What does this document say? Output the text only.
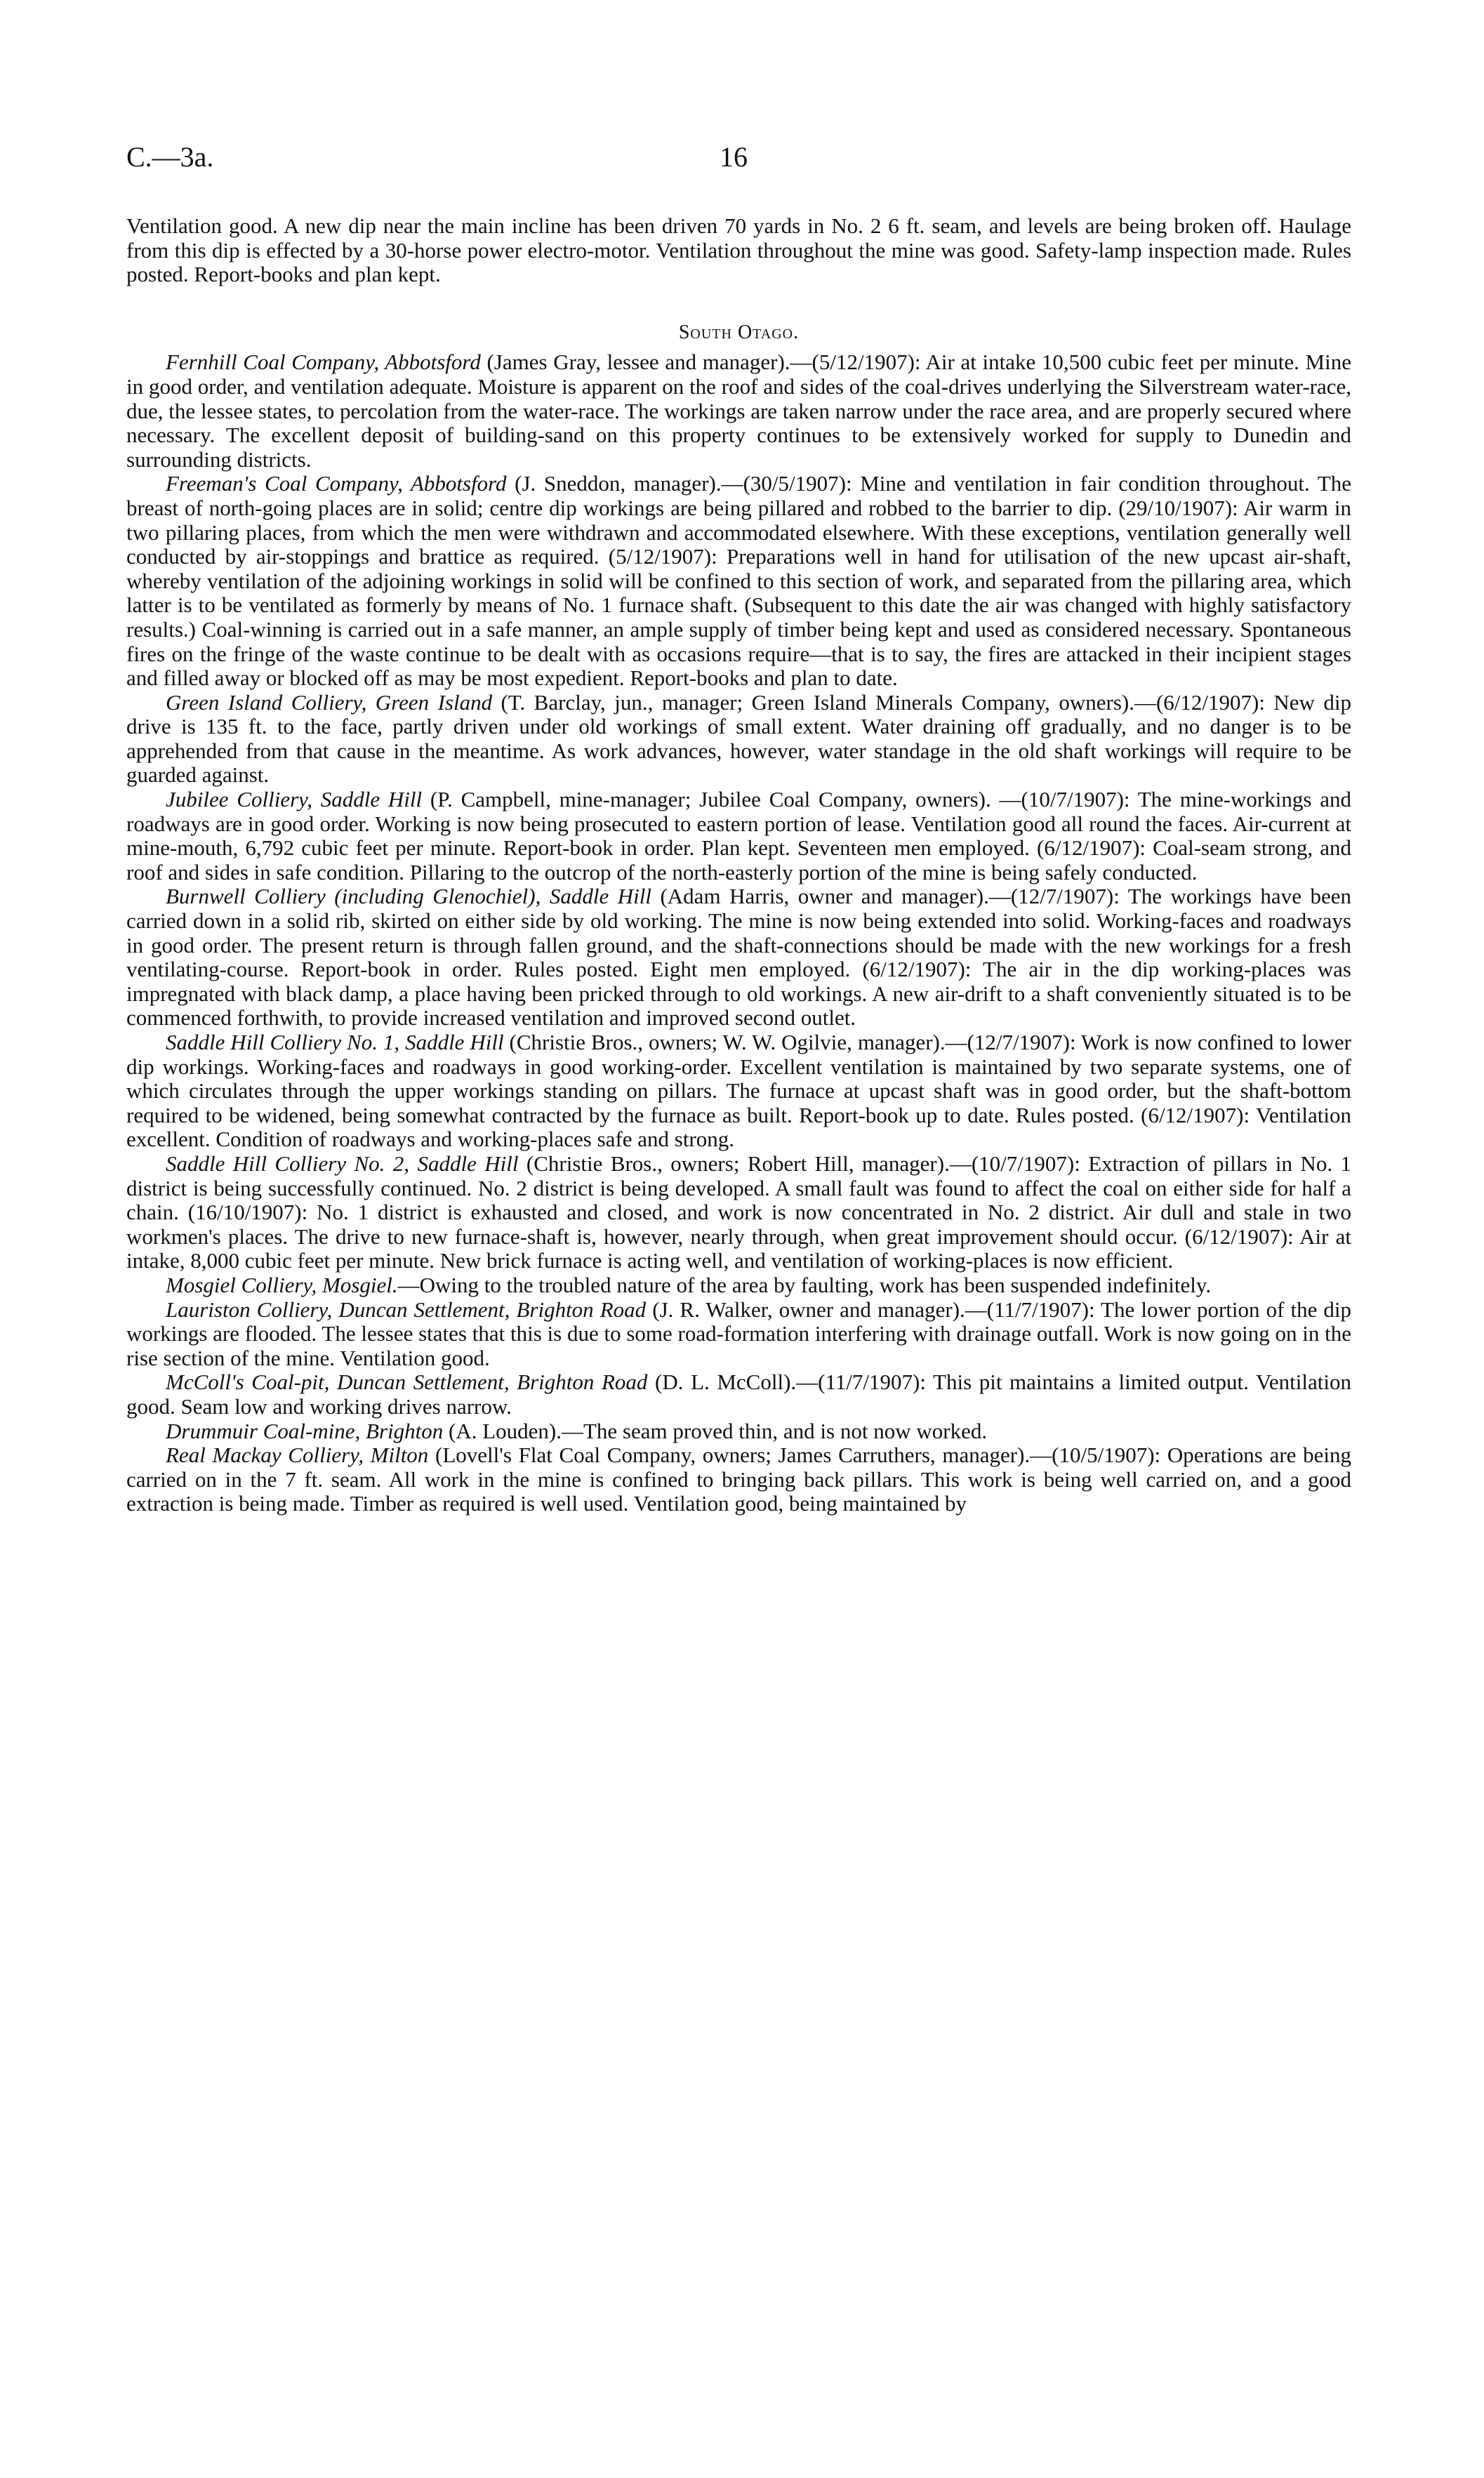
C.—3a.	16

Ventilation good. A new dip near the main incline has been driven 70 yards in No. 2 6 ft. seam, and levels are being broken off. Haulage from this dip is effected by a 30-horse power electro-motor. Ventilation throughout the mine was good. Safety-lamp inspection made. Rules posted. Report-books and plan kept.

South Otago.

Fernhill Coal Company, Abbotsford (James Gray, lessee and manager).—(5/12/1907): Air at intake 10,500 cubic feet per minute. Mine in good order, and ventilation adequate. Moisture is apparent on the roof and sides of the coal-drives underlying the Silverstream water-race, due, the lessee states, to percolation from the water-race. The workings are taken narrow under the race area, and are properly secured where necessary. The excellent deposit of building-sand on this property continues to be extensively worked for supply to Dunedin and surrounding districts.

Freeman's Coal Company, Abbotsford (J. Sneddon, manager).—(30/5/1907): Mine and ventilation in fair condition throughout. The breast of north-going places are in solid; centre dip workings are being pillared and robbed to the barrier to dip. (29/10/1907): Air warm in two pillaring places, from which the men were withdrawn and accommodated elsewhere. With these exceptions, ventilation generally well conducted by air-stoppings and brattice as required. (5/12/1907): Preparations well in hand for utilisation of the new upcast air-shaft, whereby ventilation of the adjoining workings in solid will be confined to this section of work, and separated from the pillaring area, which latter is to be ventilated as formerly by means of No. 1 furnace shaft. (Subsequent to this date the air was changed with highly satisfactory results.) Coal-winning is carried out in a safe manner, an ample supply of timber being kept and used as considered necessary. Spontaneous fires on the fringe of the waste continue to be dealt with as occasions require—that is to say, the fires are attacked in their incipient stages and filled away or blocked off as may be most expedient. Report-books and plan to date.

Green Island Colliery, Green Island (T. Barclay, jun., manager; Green Island Minerals Company, owners).—(6/12/1907): New dip drive is 135 ft. to the face, partly driven under old workings of small extent. Water draining off gradually, and no danger is to be apprehended from that cause in the meantime. As work advances, however, water standage in the old shaft workings will require to be guarded against.

Jubilee Colliery, Saddle Hill (P. Campbell, mine-manager; Jubilee Coal Company, owners). —(10/7/1907): The mine-workings and roadways are in good order. Working is now being prosecuted to eastern portion of lease. Ventilation good all round the faces. Air-current at mine-mouth, 6,792 cubic feet per minute. Report-book in order. Plan kept. Seventeen men employed. (6/12/1907): Coal-seam strong, and roof and sides in safe condition. Pillaring to the outcrop of the north-easterly portion of the mine is being safely conducted.

Burnwell Colliery (including Glenochiel), Saddle Hill (Adam Harris, owner and manager).—(12/7/1907): The workings have been carried down in a solid rib, skirted on either side by old working. The mine is now being extended into solid. Working-faces and roadways in good order. The present return is through fallen ground, and the shaft-connections should be made with the new workings for a fresh ventilating-course. Report-book in order. Rules posted. Eight men employed. (6/12/1907): The air in the dip working-places was impregnated with black damp, a place having been pricked through to old workings. A new air-drift to a shaft conveniently situated is to be commenced forthwith, to provide increased ventilation and improved second outlet.

Saddle Hill Colliery No. 1, Saddle Hill (Christie Bros., owners; W. W. Ogilvie, manager).—(12/7/1907): Work is now confined to lower dip workings. Working-faces and roadways in good working-order. Excellent ventilation is maintained by two separate systems, one of which circulates through the upper workings standing on pillars. The furnace at upcast shaft was in good order, but the shaft-bottom required to be widened, being somewhat contracted by the furnace as built. Report-book up to date. Rules posted. (6/12/1907): Ventilation excellent. Condition of roadways and working-places safe and strong.

Saddle Hill Colliery No. 2, Saddle Hill (Christie Bros., owners; Robert Hill, manager).—(10/7/1907): Extraction of pillars in No. 1 district is being successfully continued. No. 2 district is being developed. A small fault was found to affect the coal on either side for half a chain. (16/10/1907): No. 1 district is exhausted and closed, and work is now concentrated in No. 2 district. Air dull and stale in two workmen's places. The drive to new furnace-shaft is, however, nearly through, when great improvement should occur. (6/12/1907): Air at intake, 8,000 cubic feet per minute. New brick furnace is acting well, and ventilation of working-places is now efficient.

Mosgiel Colliery, Mosgiel.—Owing to the troubled nature of the area by faulting, work has been suspended indefinitely.

Lauriston Colliery, Duncan Settlement, Brighton Road (J. R. Walker, owner and manager).—(11/7/1907): The lower portion of the dip workings are flooded. The lessee states that this is due to some road-formation interfering with drainage outfall. Work is now going on in the rise section of the mine. Ventilation good.

McColl's Coal-pit, Duncan Settlement, Brighton Road (D. L. McColl).—(11/7/1907): This pit maintains a limited output. Ventilation good. Seam low and working drives narrow.

Drummuir Coal-mine, Brighton (A. Louden).—The seam proved thin, and is not now worked.

Real Mackay Colliery, Milton (Lovell's Flat Coal Company, owners; James Carruthers, manager).—(10/5/1907): Operations are being carried on in the 7 ft. seam. All work in the mine is confined to bringing back pillars. This work is being well carried on, and a good extraction is being made. Timber as required is well used. Ventilation good, being maintained by
